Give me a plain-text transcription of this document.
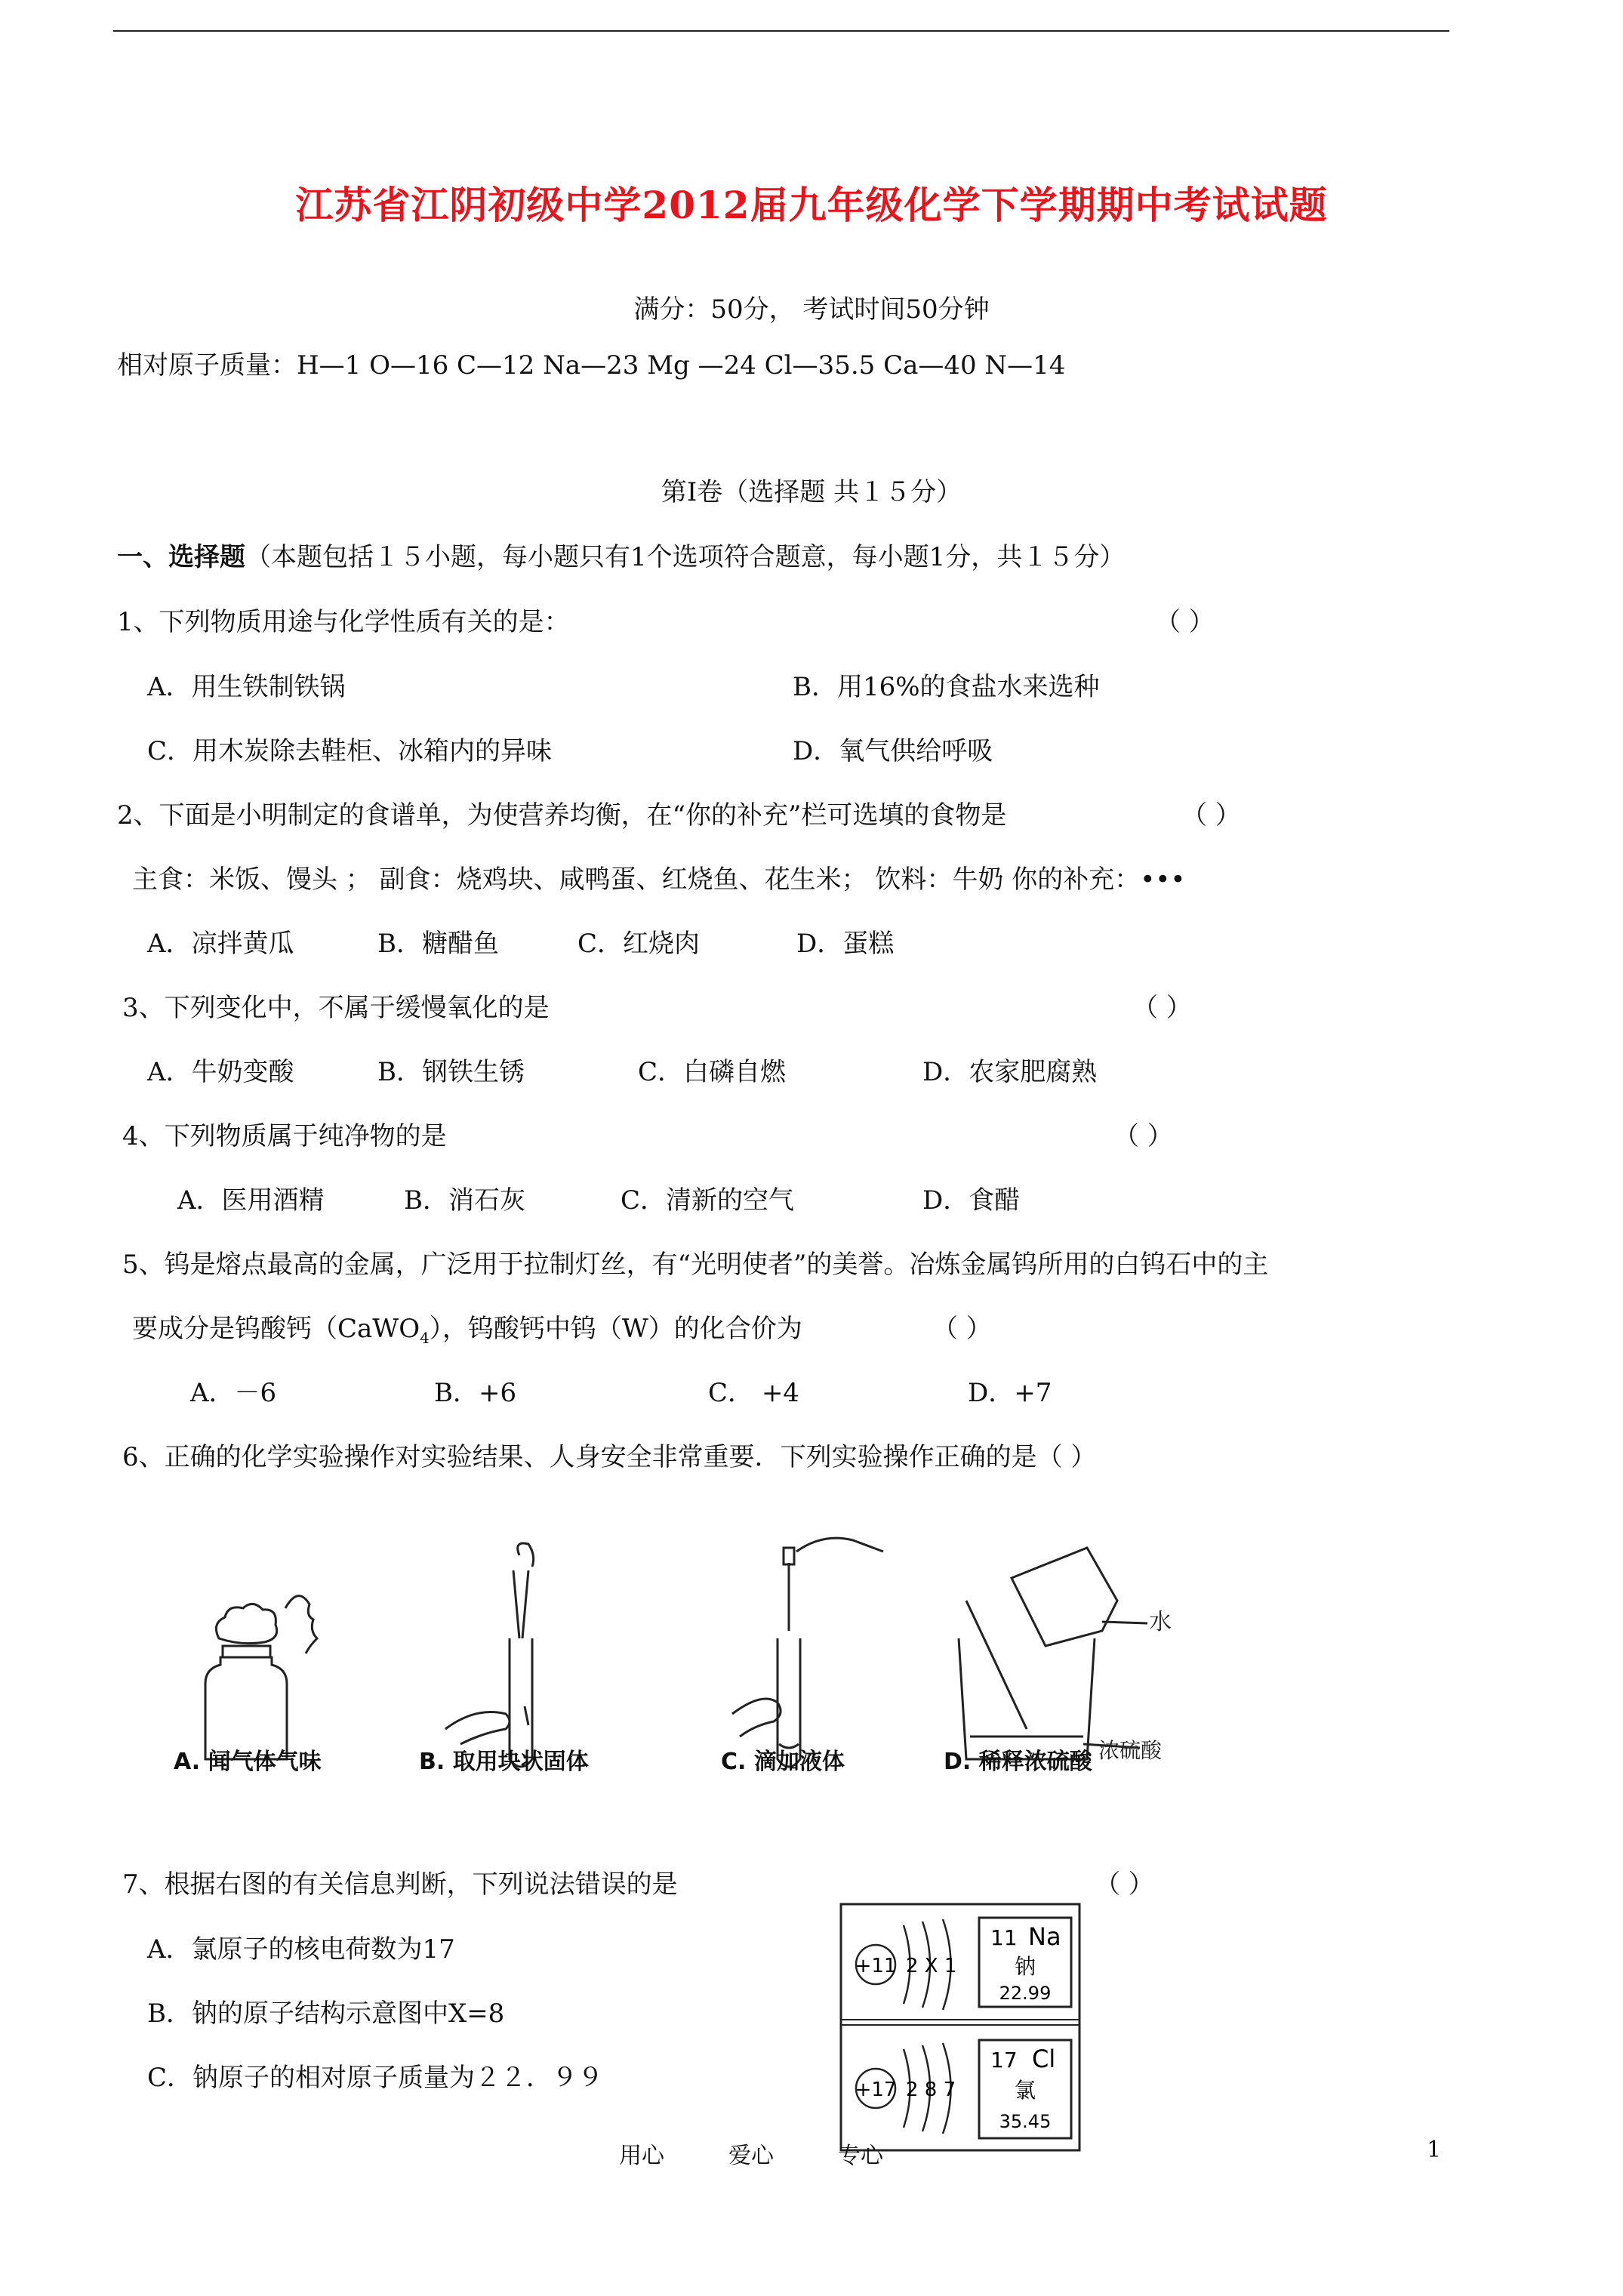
江苏省江阴初级中学2012届九年级化学下学期期中考试试题
满分：50分， 考试时间50分钟
相对原子质量：H—1 O—16 C—12 Na—23 Mg —24 Cl—35.5 Ca—40 N—14
第Ⅰ卷（选择题 共１５分）
一、选择题（本题包括１５小题，每小题只有1个选项符合题意，每小题1分，共１５分）
1、下列物质用途与化学性质有关的是：	（ ）
A．用生铁制铁锅	B．用16%的食盐水来选种
C．用木炭除去鞋柜、冰箱内的异味	D．氧气供给呼吸
2、下面是小明制定的食谱单，为使营养均衡，在“你的补充”栏可选填的食物是	（ ）
主食：米饭、馒头 ； 副食：烧鸡块、咸鸭蛋、红烧鱼、花生米； 饮料：牛奶 你的补充：•••
A．凉拌黄瓜	B．糖醋鱼	C．红烧肉	D．蛋糕
3、下列变化中，不属于缓慢氧化的是	（ ）
A．牛奶变酸	B．钢铁生锈	C．白磷自燃	D．农家肥腐熟
4、下列物质属于纯净物的是	（ ）
A．医用酒精	B．消石灰	C．清新的空气	D．食醋
5、钨是熔点最高的金属，广泛用于拉制灯丝，有“光明使者”的美誉。冶炼金属钨所用的白钨石中的主
要成分是钨酸钙（CaWO$_4$），钨酸钙中钨（W）的化合价为	（ ）
A．－6	B．+6	C． +4	D．+7
6、正确的化学实验操作对实验结果、人身安全非常重要．下列实验操作正确的是（ ）
水
浓硫酸
A. 闻气体气味	B. 取用块状固体	C. 滴加液体	D. 稀释浓硫酸
7、根据右图的有关信息判断，下列说法错误的是	（ ）
A．氯原子的核电荷数为17
B．钠的原子结构示意图中X=8
C．钠原子的相对原子质量为２２．９９
+11 2 X 1
11 Na
钠
22.99
+17 2 8 7
17 Cl
氯
35.45
用心	爱心	专心	1
